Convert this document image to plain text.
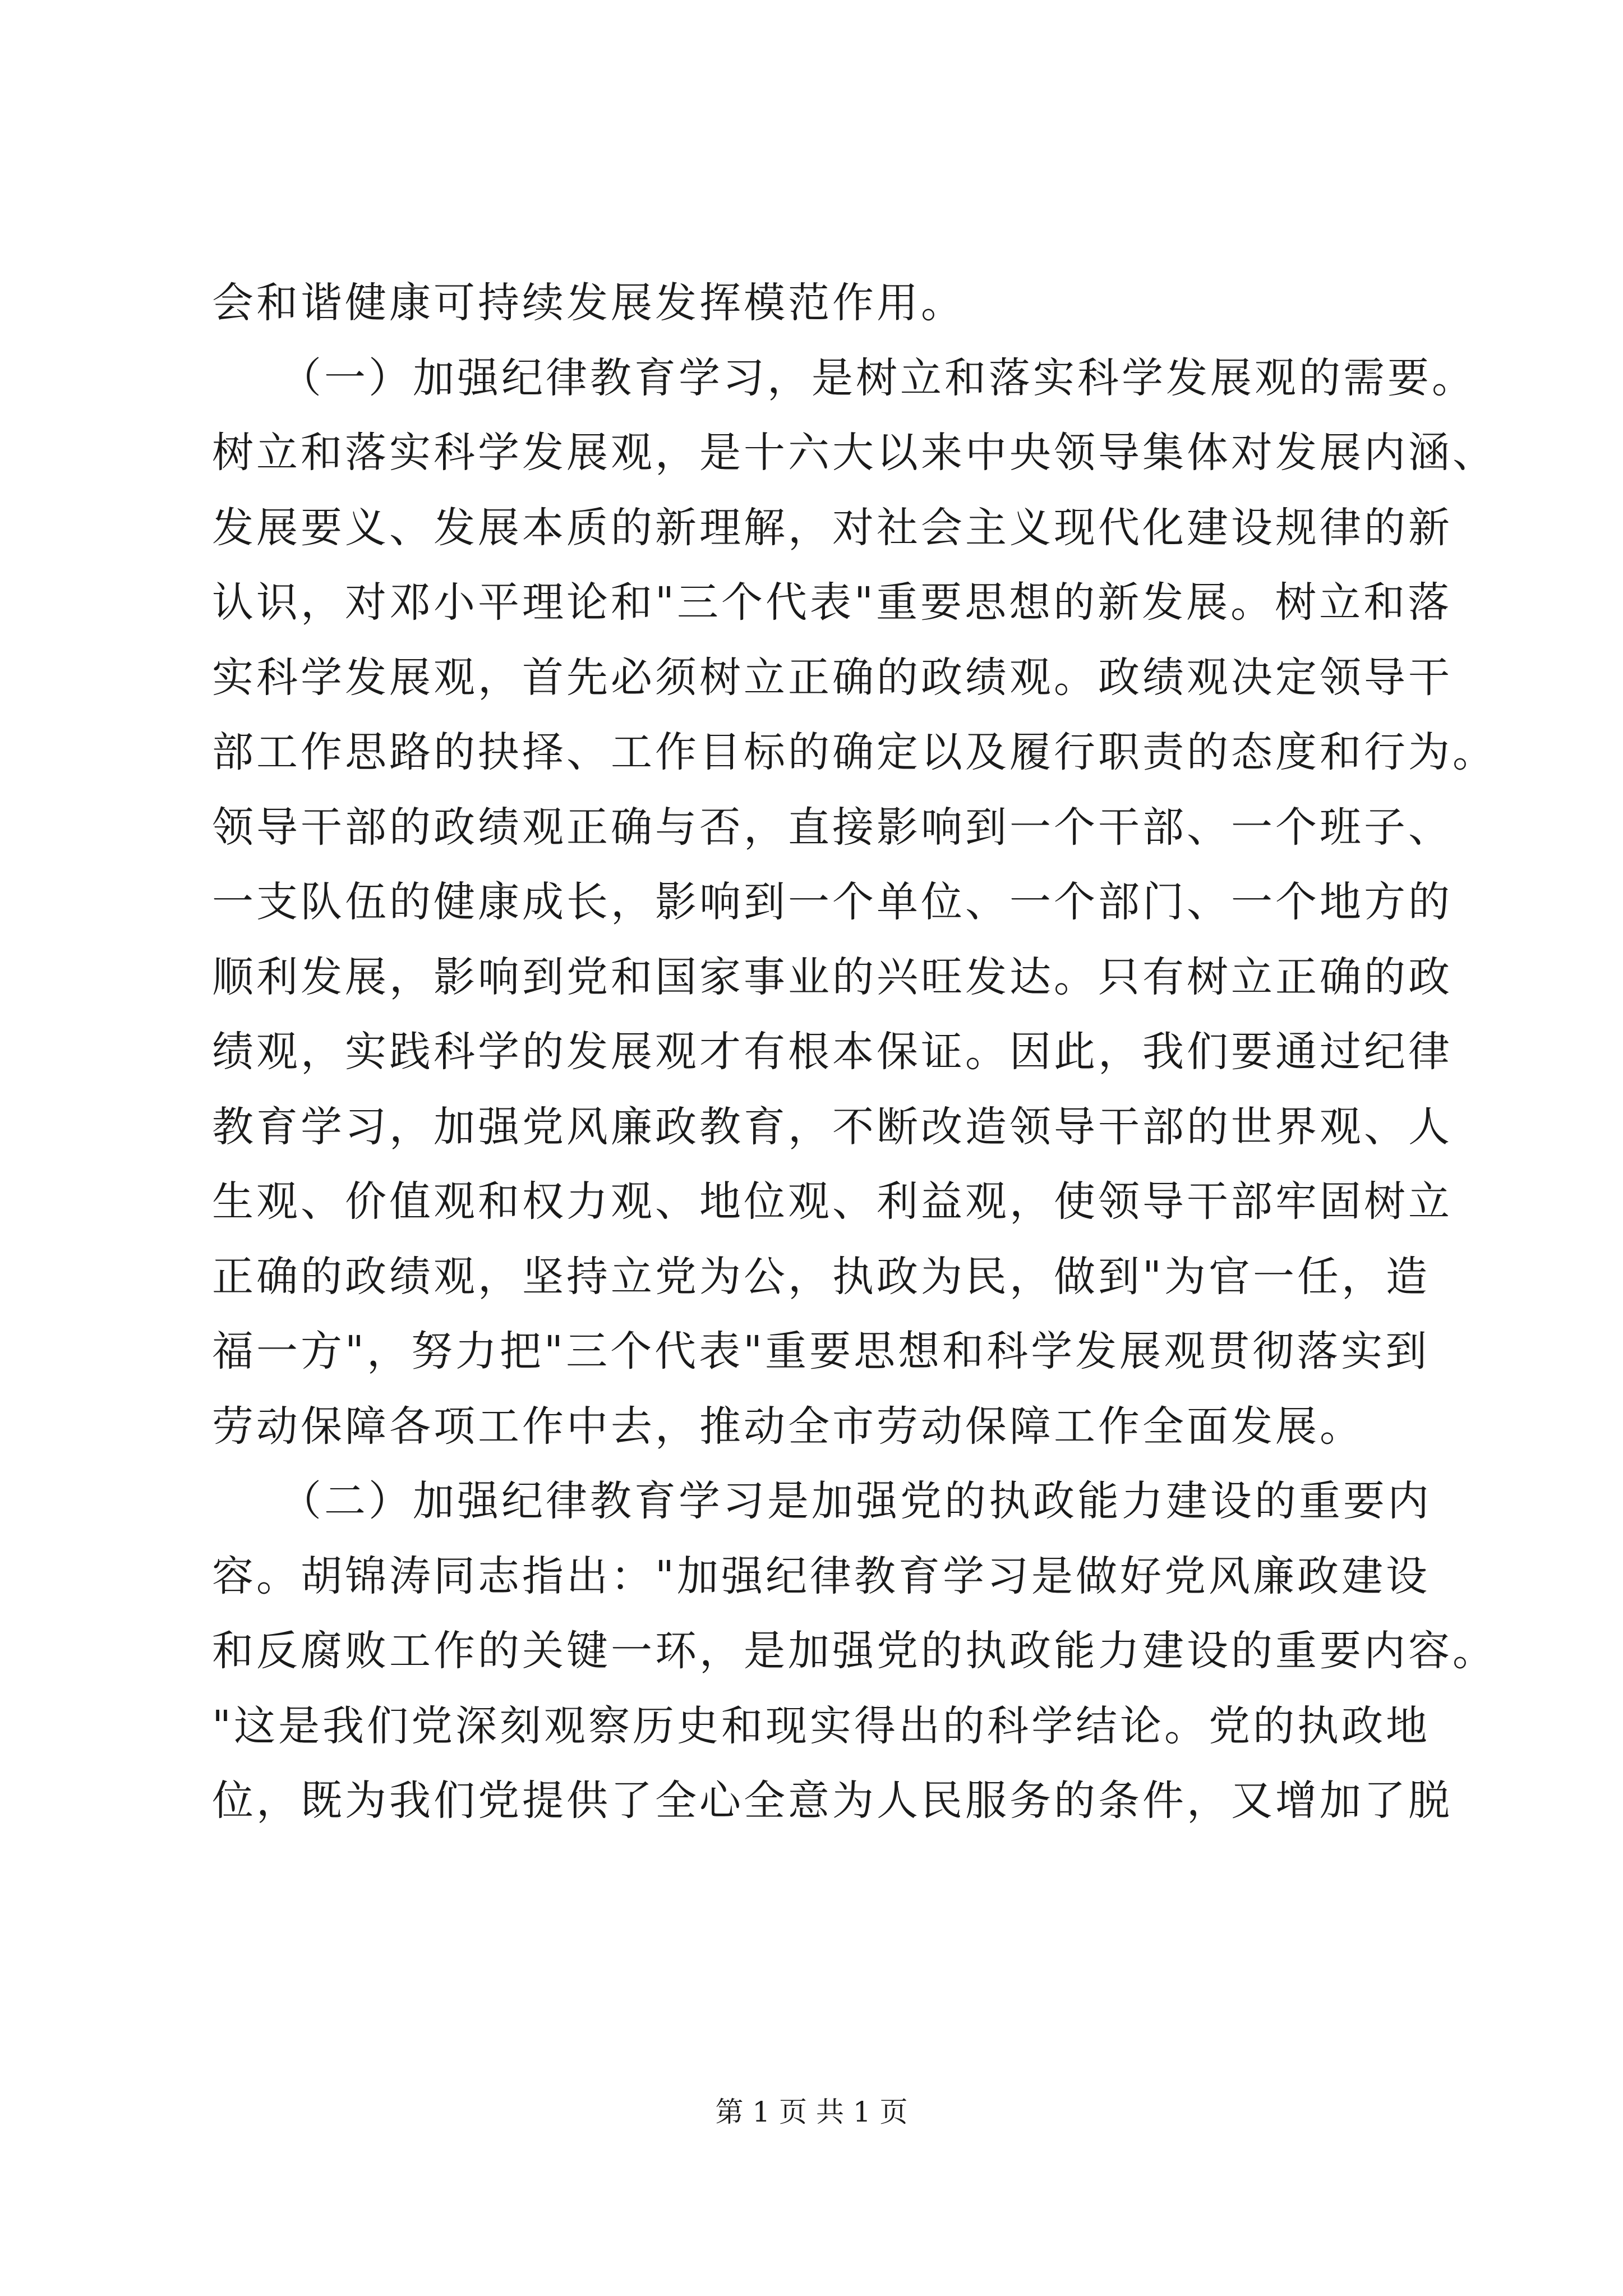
会和谐健康可持续发展发挥模范作用。
　　（一）加强纪律教育学习，是树立和落实科学发展观的需要。
树立和落实科学发展观，是十六大以来中央领导集体对发展内涵、
发展要义、发展本质的新理解，对社会主义现代化建设规律的新
认识，对邓小平理论和"三个代表"重要思想的新发展。树立和落
实科学发展观，首先必须树立正确的政绩观。政绩观决定领导干
部工作思路的抉择、工作目标的确定以及履行职责的态度和行为。
领导干部的政绩观正确与否，直接影响到一个干部、一个班子、
一支队伍的健康成长，影响到一个单位、一个部门、一个地方的
顺利发展，影响到党和国家事业的兴旺发达。只有树立正确的政
绩观，实践科学的发展观才有根本保证。因此，我们要通过纪律
教育学习，加强党风廉政教育，不断改造领导干部的世界观、人
生观、价值观和权力观、地位观、利益观，使领导干部牢固树立
正确的政绩观，坚持立党为公，执政为民，做到"为官一任，造
福一方"，努力把"三个代表"重要思想和科学发展观贯彻落实到
劳动保障各项工作中去，推动全市劳动保障工作全面发展。
　　（二）加强纪律教育学习是加强党的执政能力建设的重要内
容。胡锦涛同志指出："加强纪律教育学习是做好党风廉政建设
和反腐败工作的关键一环，是加强党的执政能力建设的重要内容。
"这是我们党深刻观察历史和现实得出的科学结论。党的执政地
位，既为我们党提供了全心全意为人民服务的条件，又增加了脱
第 1 页 共 1 页
